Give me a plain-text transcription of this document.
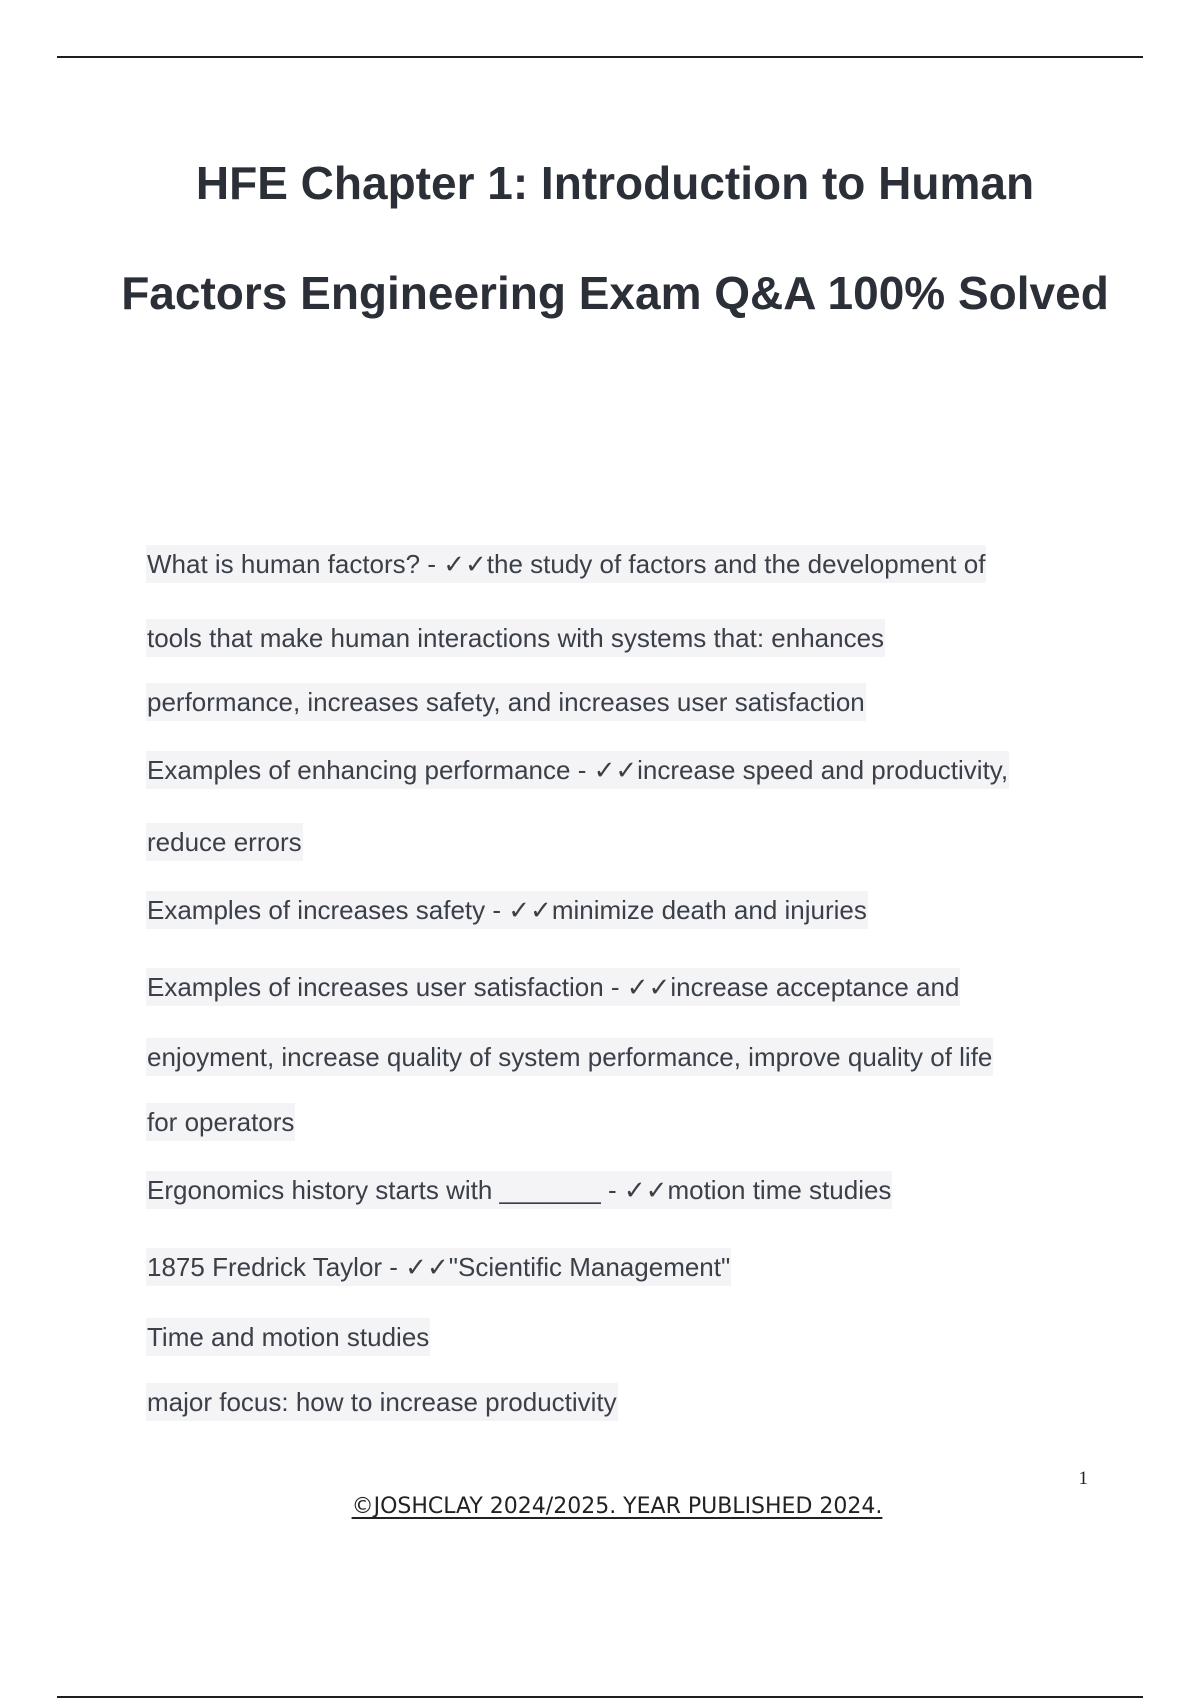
HFE Chapter 1: Introduction to Human Factors Engineering Exam Q&A 100% Solved
What is human factors? - ✓✓the study of factors and the development of
tools that make human interactions with systems that: enhances
performance, increases safety, and increases user satisfaction
Examples of enhancing performance - ✓✓increase speed and productivity,
reduce errors
Examples of increases safety - ✓✓minimize death and injuries
Examples of increases user satisfaction - ✓✓increase acceptance and
enjoyment, increase quality of system performance, improve quality of life
for operators
Ergonomics history starts with _______ - ✓✓motion time studies
1875 Fredrick Taylor - ✓✓"Scientific Management"
Time and motion studies
major focus: how to increase productivity
1
©JOSHCLAY 2024/2025. YEAR PUBLISHED 2024.
